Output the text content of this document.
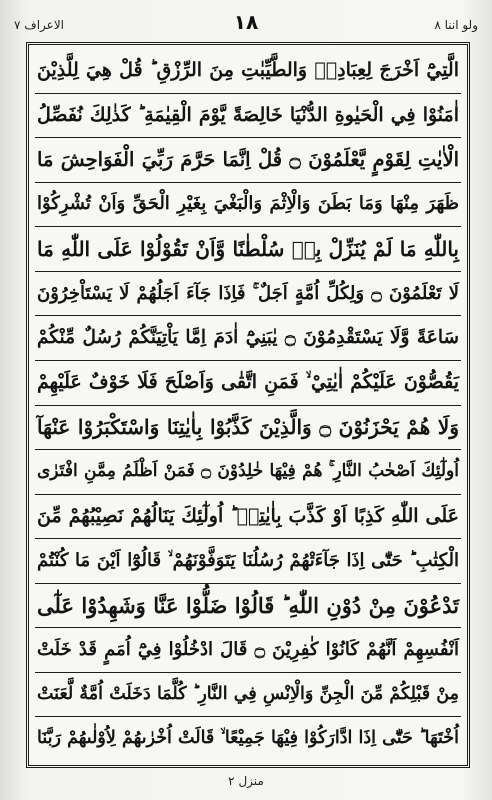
الاعراف ٧	۱۸	ولو اننا ٨
الَّتِيْٓ اَخْرَجَ لِعِبَادِهٖ وَالطَّيِّبٰتِ مِنَ الرِّزْقِ ؕ قُلْ هِيَ لِلَّذِيْنَ
اٰمَنُوْا فِي الْحَيٰوةِ الدُّنْيَا خَالِصَةً يَّوْمَ الْقِيٰمَةِ ؕ كَذٰلِكَ نُفَصِّلُ
الْاٰيٰتِ لِقَوْمٍ يَّعْلَمُوْنَ ۝ قُلْ اِنَّمَا حَرَّمَ رَبِّيَ الْفَوَاحِشَ مَا
ظَهَرَ مِنْهَا وَمَا بَطَنَ وَالْاِثْمَ وَالْبَغْيَ بِغَيْرِ الْحَقِّ وَاَنْ تُشْرِكُوْا
بِاللّٰهِ مَا لَمْ يُنَزِّلْ بِهٖ سُلْطٰنًا وَّاَنْ تَقُوْلُوْا عَلَى اللّٰهِ مَا
لَا تَعْلَمُوْنَ ۝ وَلِكُلِّ اُمَّةٍ اَجَلٌ ۚ فَاِذَا جَآءَ اَجَلُهُمْ لَا يَسْتَاْخِرُوْنَ
سَاعَةً وَّلَا يَسْتَقْدِمُوْنَ ۝ يٰبَنِيْٓ اٰدَمَ اِمَّا يَاْتِيَنَّكُمْ رُسُلٌ مِّنْكُمْ
يَقُصُّوْنَ عَلَيْكُمْ اٰيٰتِيْ ۙ فَمَنِ اتَّقٰى وَاَصْلَحَ فَلَا خَوْفٌ عَلَيْهِمْ
وَلَا هُمْ يَحْزَنُوْنَ ۝ وَالَّذِيْنَ كَذَّبُوْا بِاٰيٰتِنَا وَاسْتَكْبَرُوْا عَنْهَآ
اُولٰٓئِكَ اَصْحٰبُ النَّارِ ۚ هُمْ فِيْهَا خٰلِدُوْنَ ۝ فَمَنْ اَظْلَمُ مِمَّنِ افْتَرٰى
عَلَى اللّٰهِ كَذِبًا اَوْ كَذَّبَ بِاٰيٰتِهٖ ؕ اُولٰٓئِكَ يَنَالُهُمْ نَصِيْبُهُمْ مِّنَ
الْكِتٰبِ ؕ حَتّٰٓى اِذَا جَآءَتْهُمْ رُسُلُنَا يَتَوَفَّوْنَهُمْ ۙ قَالُوْٓا اَيْنَ مَا كُنْتُمْ
تَدْعُوْنَ مِنْ دُوْنِ اللّٰهِ ؕ قَالُوْا ضَلُّوْا عَنَّا وَشَهِدُوْا عَلٰٓى
اَنْفُسِهِمْ اَنَّهُمْ كَانُوْا كٰفِرِيْنَ ۝ قَالَ ادْخُلُوْا فِيْٓ اُمَمٍ قَدْ خَلَتْ
مِنْ قَبْلِكُمْ مِّنَ الْجِنِّ وَالْاِنْسِ فِي النَّارِ ؕ كُلَّمَا دَخَلَتْ اُمَّةٌ لَّعَنَتْ
اُخْتَهَا ؕ حَتّٰٓى اِذَا ادَّارَكُوْا فِيْهَا جَمِيْعًا ۙ قَالَتْ اُخْرٰىهُمْ لِاُوْلٰىهُمْ رَبَّنَا
منزل ۲
